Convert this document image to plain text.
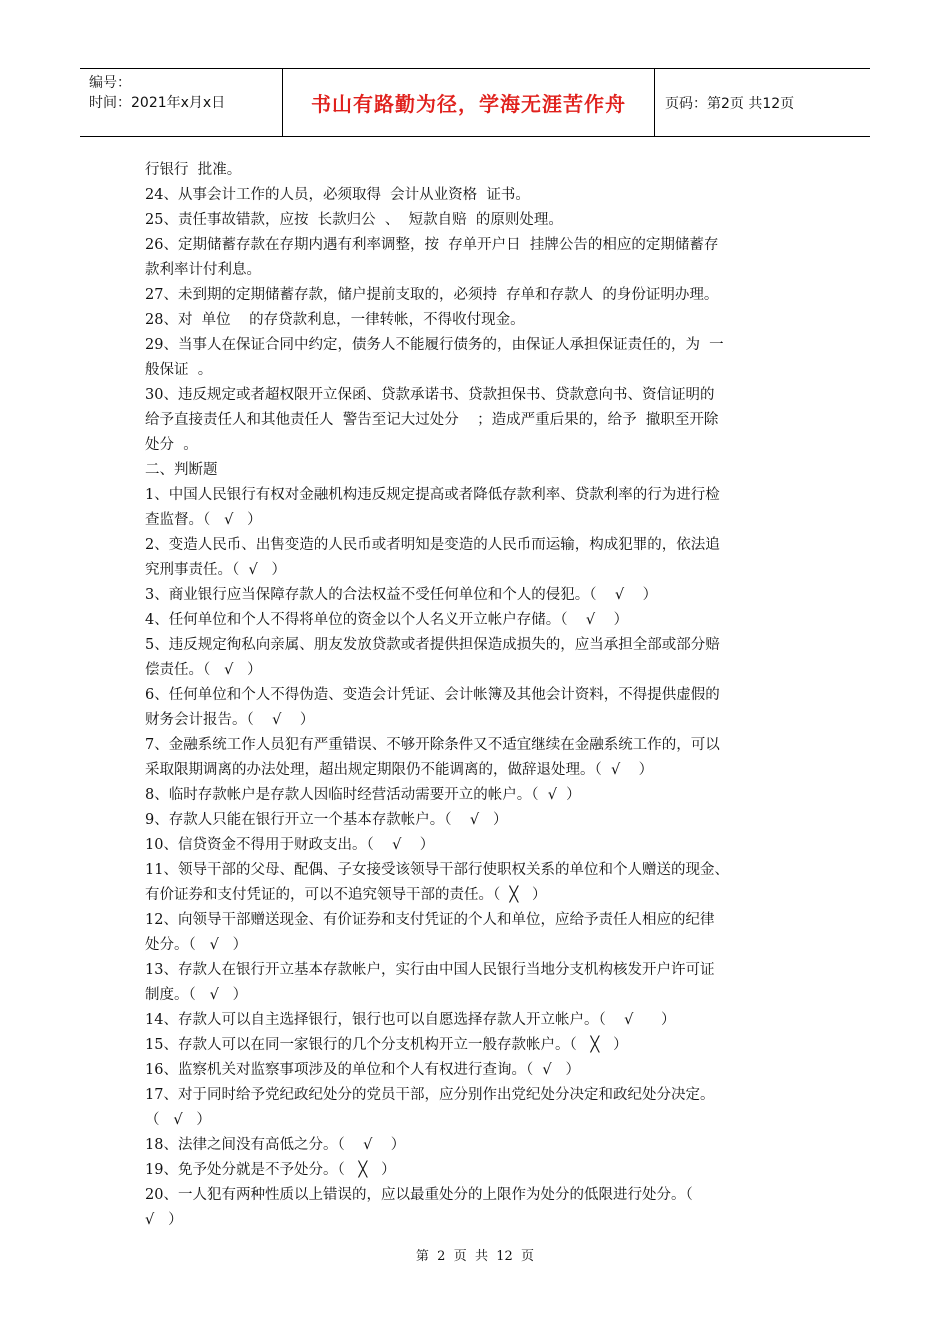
编号：
时间：2021年x月x日	书山有路勤为径，学海无涯苦作舟	页码：第2页 共12页
行银行  批准。
24、从事会计工作的人员，必须取得  会计从业资格  证书。
25、责任事故错款，应按  长款归公  、  短款自赔  的原则处理。
26、定期储蓄存款在存期内遇有利率调整，按  存单开户日  挂牌公告的相应的定期储蓄存
款利率计付利息。
27、未到期的定期储蓄存款，储户提前支取的，必须持  存单和存款人  的身份证明办理。
28、对  单位    的存贷款利息，一律转帐，不得收付现金。
29、当事人在保证合同中约定，债务人不能履行债务的，由保证人承担保证责任的，为  一
般保证  。
30、违反规定或者超权限开立保函、贷款承诺书、贷款担保书、贷款意向书、资信证明的
给予直接责任人和其他责任人  警告至记大过处分    ；造成严重后果的，给予  撤职至开除
处分  。
二、判断题
1、中国人民银行有权对金融机构违反规定提高或者降低存款利率、贷款利率的行为进行检
查监督。（   √   ）
2、变造人民币、出售变造的人民币或者明知是变造的人民币而运输，构成犯罪的，依法追
究刑事责任。（  √   ）
3、商业银行应当保障存款人的合法权益不受任何单位和个人的侵犯。（    √    ）
4、任何单位和个人不得将单位的资金以个人名义开立帐户存储。（    √    ）
5、违反规定徇私向亲属、朋友发放贷款或者提供担保造成损失的，应当承担全部或部分赔
偿责任。（   √   ）
6、任何单位和个人不得伪造、变造会计凭证、会计帐簿及其他会计资料，不得提供虚假的
财务会计报告。（    √    ）
7、金融系统工作人员犯有严重错误、不够开除条件又不适宜继续在金融系统工作的，可以
采取限期调离的办法处理，超出规定期限仍不能调离的，做辞退处理。（  √    ）
8、临时存款帐户是存款人因临时经营活动需要开立的帐户。（  √  ）
9、存款人只能在银行开立一个基本存款帐户。（    √   ）
10、信贷资金不得用于财政支出。（    √    ）
11、领导干部的父母、配偶、子女接受该领导干部行使职权关系的单位和个人赠送的现金、
有价证券和支付凭证的，可以不追究领导干部的责任。（  ╳   ）
12、向领导干部赠送现金、有价证券和支付凭证的个人和单位，应给予责任人相应的纪律
处分。（   √   ）
13、存款人在银行开立基本存款帐户，实行由中国人民银行当地分支机构核发开户许可证
制度。（   √   ）
14、存款人可以自主选择银行，银行也可以自愿选择存款人开立帐户。（    √      ）
15、存款人可以在同一家银行的几个分支机构开立一般存款帐户。（   ╳   ）
16、监察机关对监察事项涉及的单位和个人有权进行查询。（  √   ）
17、对于同时给予党纪政纪处分的党员干部，应分别作出党纪处分决定和政纪处分决定。
（   √   ）
18、法律之间没有高低之分。（    √    ）
19、免予处分就是不予处分。（   ╳   ）
20、一人犯有两种性质以上错误的，应以最重处分的上限作为处分的低限进行处分。（
√   ）
第  2  页  共  12  页
